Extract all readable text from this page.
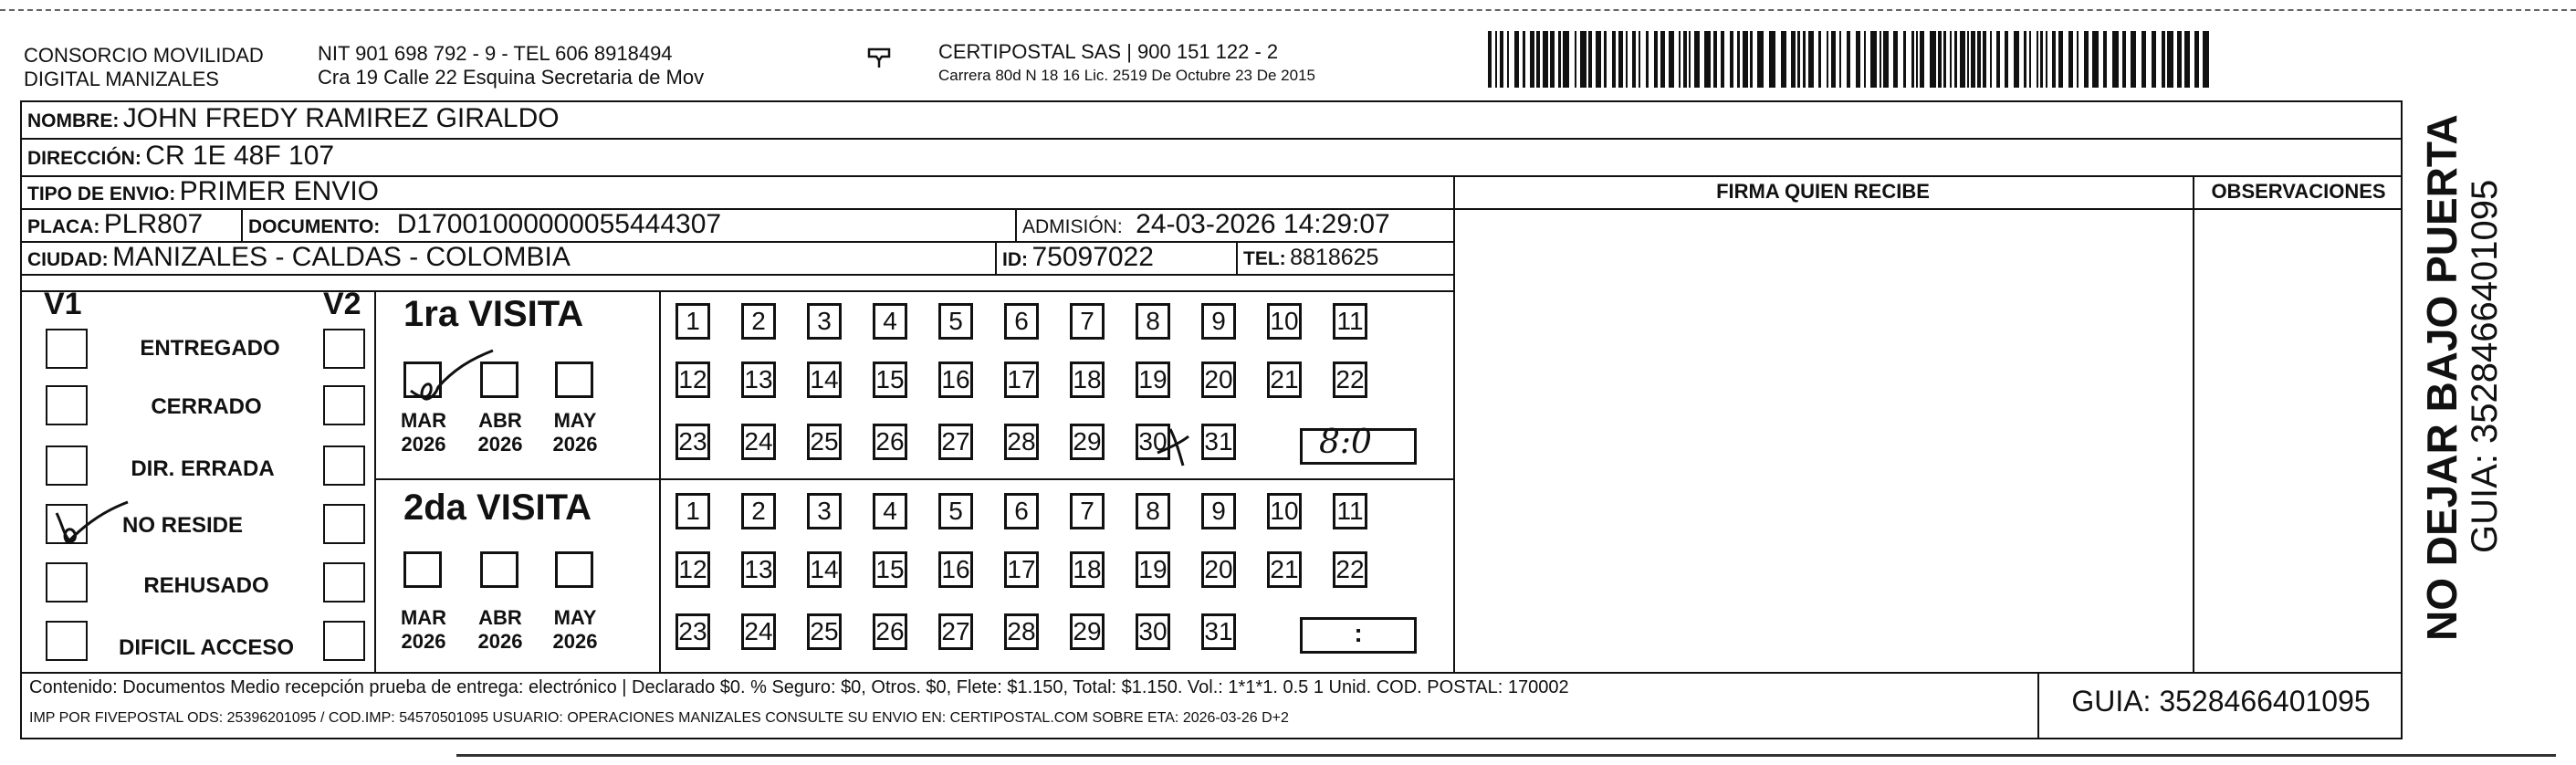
CONSORCIO MOVILIDAD
DIGITAL MANIZALES
NIT 901 698 792 - 9 - TEL 606 8918494
Cra 19 Calle 22 Esquina Secretaria de Mov
CERTIPOSTAL SAS | 900 151 122 - 2
Carrera 80d N 18 16 Lic. 2519 De Octubre 23 De 2015
NOMBRE: JOHN FREDY RAMIREZ GIRALDO
DIRECCIÓN: CR 1E 48F 107
TIPO DE ENVIO: PRIMER ENVIO
PLACA: PLR807 DOCUMENTO: D17001000000055444307	ADMISIÓN: 24-03-2026 14:29:07
CIUDAD: MANIZALES - CALDAS - COLOMBIA	ID: 75097022	TEL: 8818625
FIRMA QUIEN RECIBE	OBSERVACIONES
V1	V2
ENTREGADO
CERRADO
DIR. ERRADA
NO RESIDE
REHUSADO
DIFICIL ACCESO
1ra VISITA
2da VISITA
MAR
2026
ABR
2026
MAY
2026
MAR
2026
ABR
2026
MAY
2026
1	2	3	4	5	6	7	8	9	10 11
12 13 14 15 16 17 18 19 20 21 22
23 24 25 26 27 28 29 30 31
1	2	3	4	5	6	7	8	9	10 11
12 13 14 15 16 17 18 19 20 21 22
23 24 25 26 27 28 29 30 31
8:0
:
Contenido: Documentos Medio recepción prueba de entrega: electrónico | Declarado $0. % Seguro: $0, Otros. $0, Flete: $1.150, Total: $1.150. Vol.: 1*1*1. 0.5 1 Unid. COD. POSTAL: 170002
IMP POR FIVEPOSTAL ODS: 25396201095 / COD.IMP: 54570501095 USUARIO: OPERACIONES MANIZALES CONSULTE SU ENVIO EN: CERTIPOSTAL.COM SOBRE ETA: 2026-03-26 D+2
GUIA: 3528466401095
NO DEJAR BAJO PUERTA GUIA: 3528466401095
